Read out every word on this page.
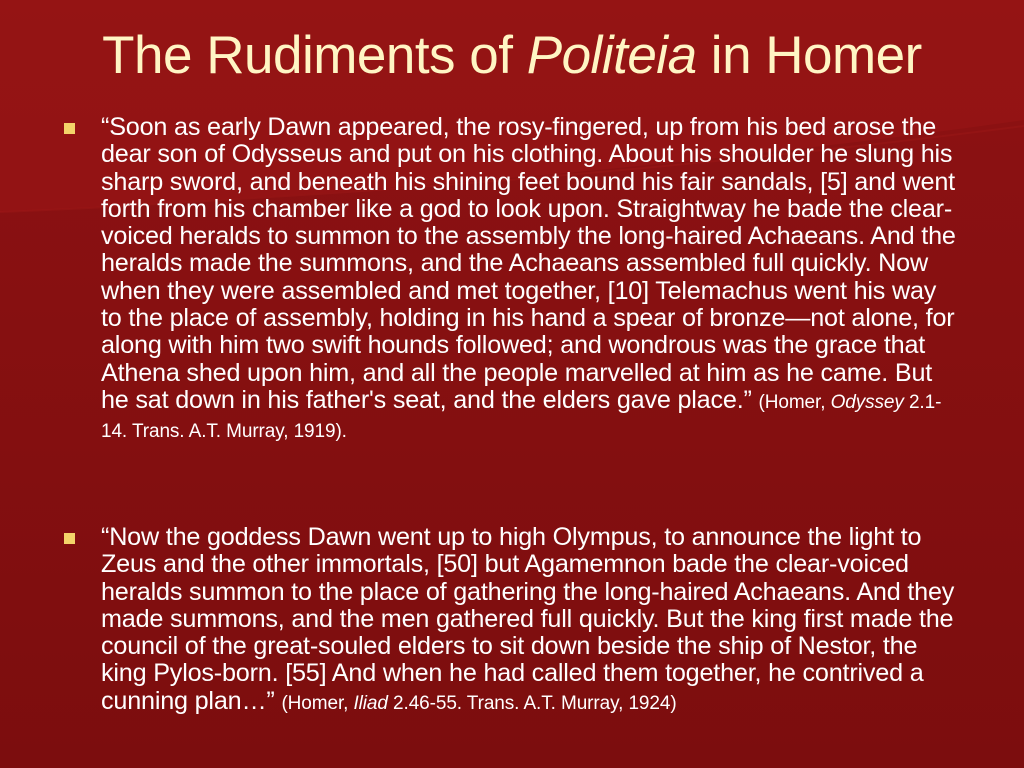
The Rudiments of Politeia in Homer
“Soon as early Dawn appeared, the rosy-fingered, up from his bed arose the dear son of Odysseus and put on his clothing. About his shoulder he slung his sharp sword, and beneath his shining feet bound his fair sandals, [5] and went forth from his chamber like a god to look upon. Straightway he bade the clear-voiced heralds to summon to the assembly the long-haired Achaeans. And the heralds made the summons, and the Achaeans assembled full quickly. Now when they were assembled and met together, [10] Telemachus went his way to the place of assembly, holding in his hand a spear of bronze—not alone, for along with him two swift hounds followed; and wondrous was the grace that Athena shed upon him, and all the people marvelled at him as he came. But he sat down in his father's seat, and the elders gave place.” (Homer, Odyssey 2.1-14. Trans. A.T. Murray, 1919).
“Now the goddess Dawn went up to high Olympus, to announce the light to Zeus and the other immortals, [50] but Agamemnon bade the clear-voiced heralds summon to the place of gathering the long-haired Achaeans. And they made summons, and the men gathered full quickly. But the king first made the council of the great-souled elders to sit down beside the ship of Nestor, the king Pylos-born. [55] And when he had called them together, he contrived a cunning plan…” (Homer, Iliad 2.46-55. Trans. A.T. Murray, 1924)
